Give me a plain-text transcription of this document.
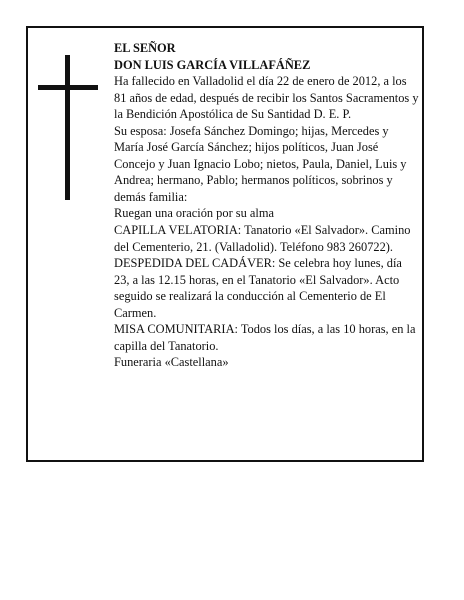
EL SEÑOR

DON LUIS GARCÍA VILLAFÁÑEZ

Ha fallecido en Valladolid el día 22 de enero de 2012, a los 81 años de edad, después de recibir los Santos Sacramentos y la Bendición Apostólica de Su Santidad D. E. P.

Su esposa: Josefa Sánchez Domingo; hijas, Mercedes y María José García Sánchez; hijos políticos, Juan José Concejo y Juan Ignacio Lobo; nietos, Paula, Daniel, Luis y Andrea; hermano, Pablo; hermanos políticos, sobrinos y demás familia:

Ruegan una oración por su alma

CAPILLA VELATORIA: Tanatorio «El Salvador». Camino del Cementerio, 21. (Valladolid). Teléfono 983 260722).

DESPEDIDA DEL CADÁVER: Se celebra hoy lunes, día 23, a las 12.15 horas, en el Tanatorio «El Salvador». Acto seguido se realizará la conducción al Cementerio de El Carmen.

MISA COMUNITARIA: Todos los días, a las 10 horas, en la capilla del Tanatorio.

Funeraria «Castellana»
